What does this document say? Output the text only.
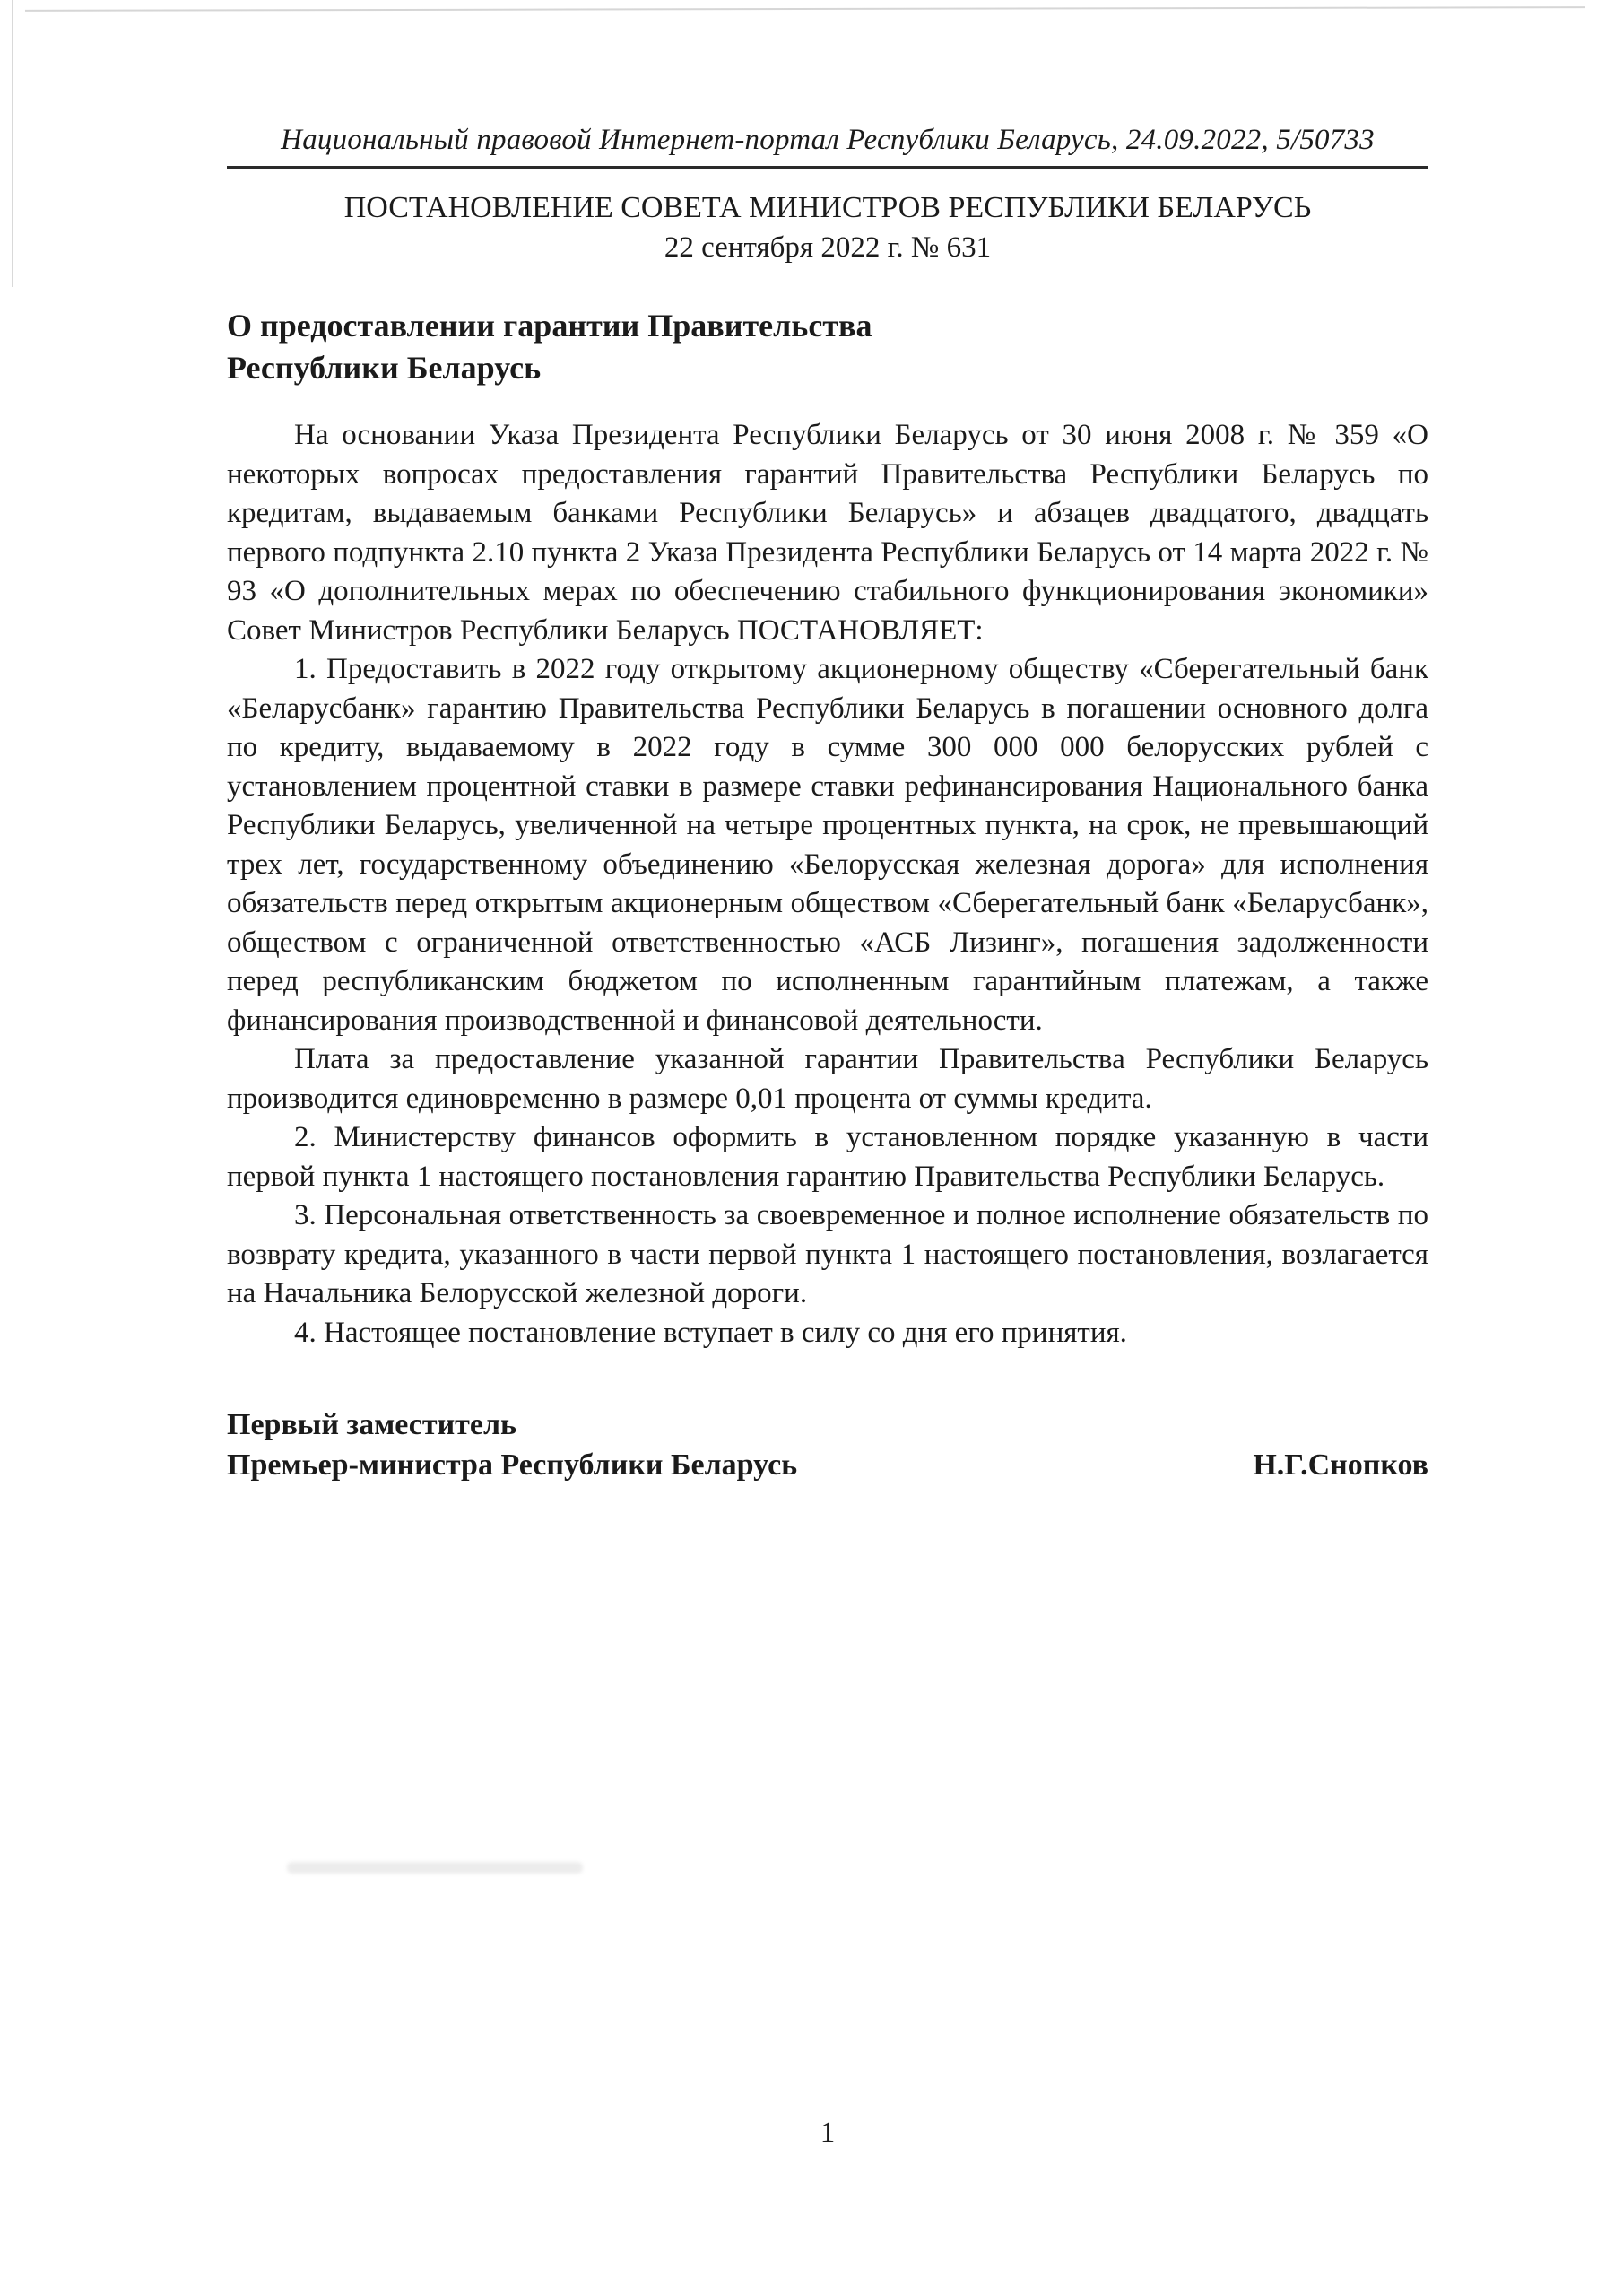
Национальный правовой Интернет-портал Республики Беларусь, 24.09.2022, 5/50733
ПОСТАНОВЛЕНИЕ СОВЕТА МИНИСТРОВ РЕСПУБЛИКИ БЕЛАРУСЬ
22 сентября 2022 г. № 631
О предоставлении гарантии Правительства
Республики Беларусь

На основании Указа Президента Республики Беларусь от 30 июня 2008 г. № 359 «О некоторых вопросах предоставления гарантий Правительства Республики Беларусь по кредитам, выдаваемым банками Республики Беларусь» и абзацев двадцатого, двадцать первого подпункта 2.10 пункта 2 Указа Президента Республики Беларусь от 14 марта 2022 г. № 93 «О дополнительных мерах по обеспечению стабильного функционирования экономики» Совет Министров Республики Беларусь ПОСТАНОВЛЯЕТ:

1. Предоставить в 2022 году открытому акционерному обществу «Сберегательный банк «Беларусбанк» гарантию Правительства Республики Беларусь в погашении основного долга по кредиту, выдаваемому в 2022 году в сумме 300 000 000 белорусских рублей с установлением процентной ставки в размере ставки рефинансирования Национального банка Республики Беларусь, увеличенной на четыре процентных пункта, на срок, не превышающий трех лет, государственному объединению «Белорусская железная дорога» для исполнения обязательств перед открытым акционерным обществом «Сберегательный банк «Беларусбанк», обществом с ограниченной ответственностью «АСБ Лизинг», погашения задолженности перед республиканским бюджетом по исполненным гарантийным платежам, а также финансирования производственной и финансовой деятельности.

Плата за предоставление указанной гарантии Правительства Республики Беларусь производится единовременно в размере 0,01 процента от суммы кредита.

2. Министерству финансов оформить в установленном порядке указанную в части первой пункта 1 настоящего постановления гарантию Правительства Республики Беларусь.

3. Персональная ответственность за своевременное и полное исполнение обязательств по возврату кредита, указанного в части первой пункта 1 настоящего постановления, возлагается на Начальника Белорусской железной дороги.

4. Настоящее постановление вступает в силу со дня его принятия.

Первый заместитель
Премьер-министра Республики Беларусь	Н.Г.Снопков
1
